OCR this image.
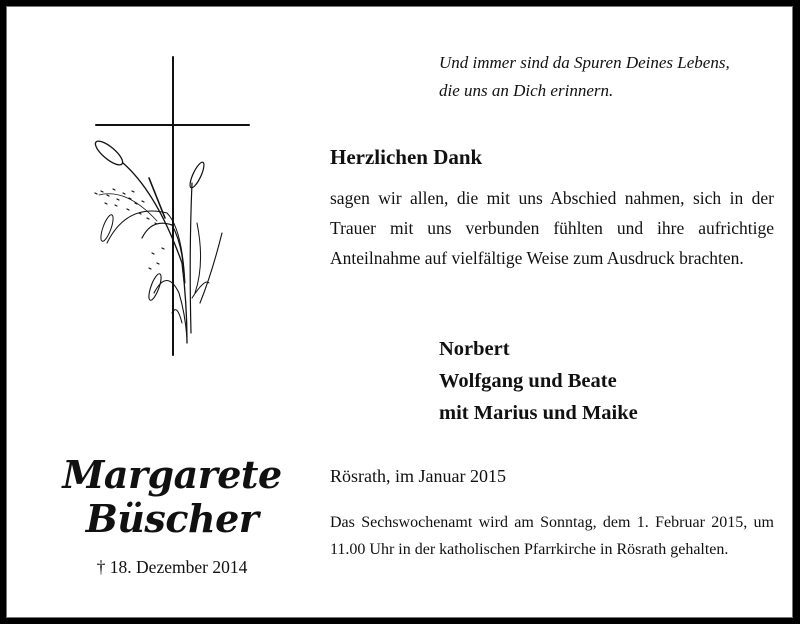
Und immer sind da Spuren Deines Lebens,
die uns an Dich erinnern.
Herzlichen Dank
sagen wir allen, die mit uns Abschied nahmen, sich in der Trauer mit uns verbunden fühlten und ihre aufrichtige Anteilnahme auf vielfältige Weise zum Ausdruck brachten.
Norbert
Wolfgang und Beate
mit Marius und Maike
Margarete
Büscher
† 18. Dezember 2014
Rösrath, im Januar 2015
Das Sechswochenamt wird am Sonntag, dem 1. Februar 2015, um 11.00 Uhr in der katholischen Pfarrkirche in Rösrath gehalten.
